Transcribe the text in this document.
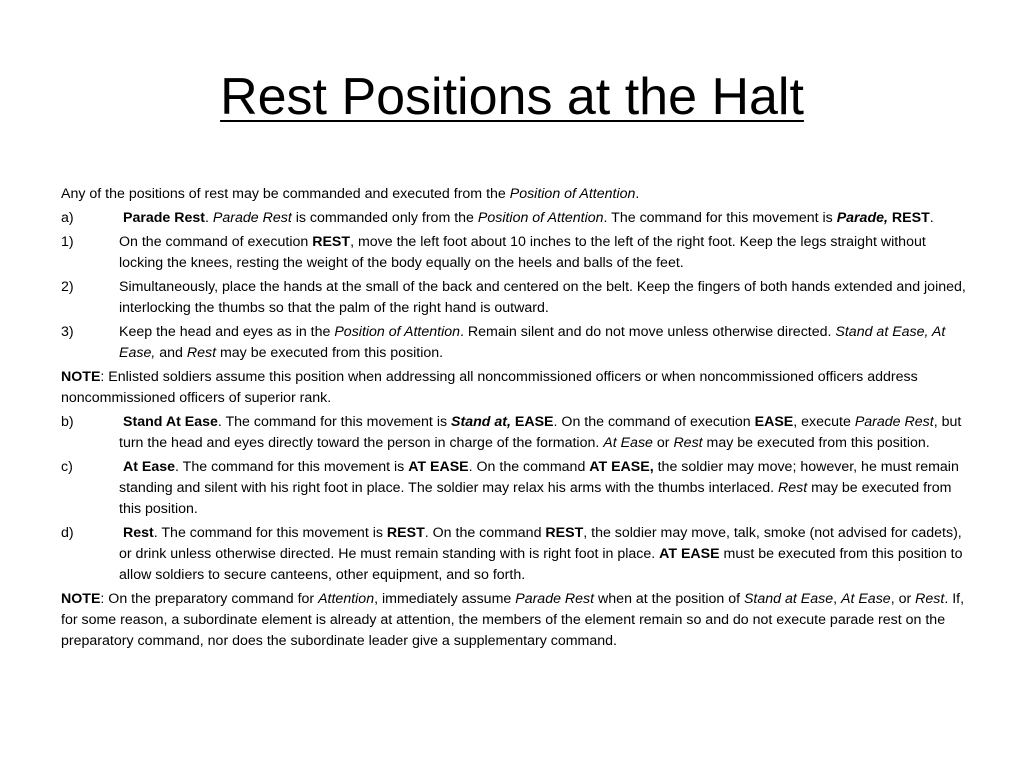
Rest Positions at the Halt

Any of the positions of rest may be commanded and executed from the Position of Attention.

a)	Parade Rest. Parade Rest is commanded only from the Position of Attention. The command for this movement is Parade, REST.
1)	On the command of execution REST, move the left foot about 10 inches to the left of the right foot. Keep the legs straight without locking the knees, resting the weight of the body equally on the heels and balls of the feet.
2)	Simultaneously, place the hands at the small of the back and centered on the belt. Keep the fingers of both hands extended and joined, interlocking the thumbs so that the palm of the right hand is outward.
3)	Keep the head and eyes as in the Position of Attention. Remain silent and do not move unless otherwise directed. Stand at Ease, At Ease, and Rest may be executed from this position.

NOTE: Enlisted soldiers assume this position when addressing all noncommissioned officers or when noncommissioned officers address noncommissioned officers of superior rank.

b)	Stand At Ease. The command for this movement is Stand at, EASE. On the command of execution EASE, execute Parade Rest, but turn the head and eyes directly toward the person in charge of the formation. At Ease or Rest may be executed from this position.
c)	At Ease. The command for this movement is AT EASE. On the command AT EASE, the soldier may move; however, he must remain standing and silent with his right foot in place. The soldier may relax his arms with the thumbs interlaced. Rest may be executed from this position.
d)	Rest. The command for this movement is REST. On the command REST, the soldier may move, talk, smoke (not advised for cadets), or drink unless otherwise directed. He must remain standing with is right foot in place. AT EASE must be executed from this position to allow soldiers to secure canteens, other equipment, and so forth.

NOTE: On the preparatory command for Attention, immediately assume Parade Rest when at the position of Stand at Ease, At Ease, or Rest. If, for some reason, a subordinate element is already at attention, the members of the element remain so and do not execute parade rest on the preparatory command, nor does the subordinate leader give a supplementary command.
